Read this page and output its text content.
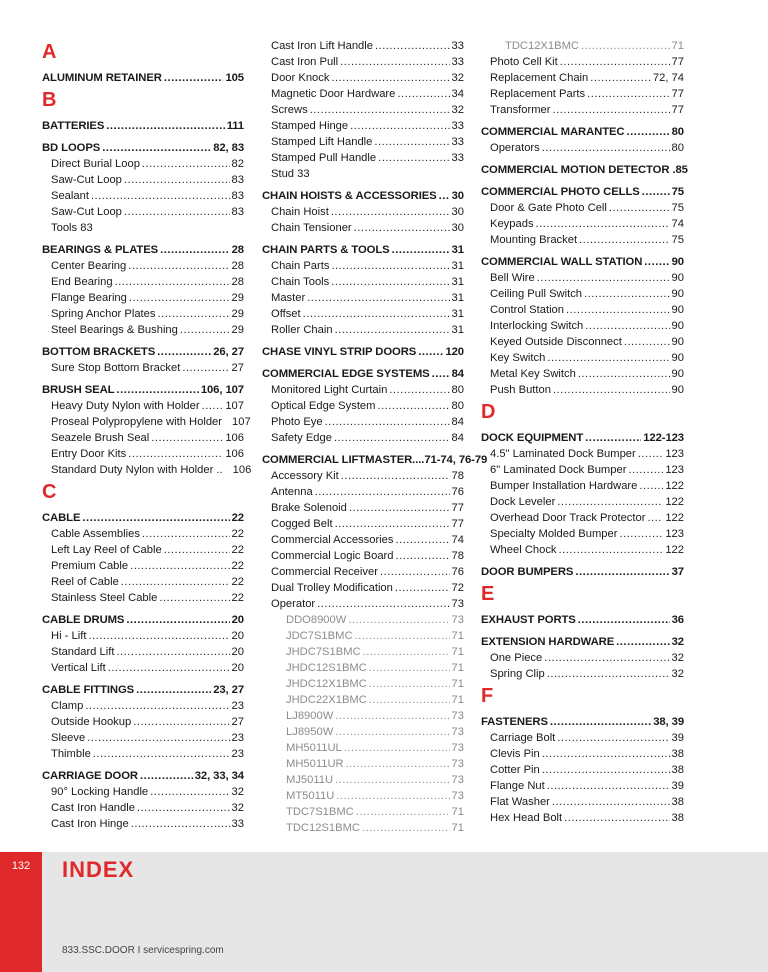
A
ALUMINUM RETAINER .....	105
B
BATTERIES .....	111
BD LOOPS .....	82, 83
Direct Burial Loop .....	82
Saw-Cut Loop .....	83
Sealant .....	83
Saw-Cut Loop .....	83
Tools 83
BEARINGS & PLATES .....	28
Center Bearing .....	28
End Bearing .....	28
Flange Bearing .....	29
Spring Anchor Plates .....	29
Steel Bearings & Bushing .....	29
BOTTOM BRACKETS .....	26, 27
Sure Stop Bottom Bracket .....	27
BRUSH SEAL .....	106, 107
Heavy Duty Nylon with Holder ..... 107
Proseal Polypropylene with Holder 107
Seazele Brush Seal .....	106
Entry Door Kits .....	106
Standard Duty Nylon with Holder .. 106
C
CABLE .....	22
Cable Assemblies .....	22
Left Lay Reel of Cable .....	22
Premium Cable .....	22
Reel of Cable .....	22
Stainless Steel Cable .....	22
CABLE DRUMS .....	20
Hi - Lift .....	20
Standard Lift .....	20
Vertical Lift .....	20
CABLE FITTINGS .....	23, 27
Clamp .....	23
Outside Hookup .....	27
Sleeve .....	23
Thimble .....	23
CARRIAGE DOOR .....	32, 33, 34
90° Locking Handle .....	32
Cast Iron Handle .....	32
Cast Iron Hinge .....	33
Cast Iron Lift Handle .....	33
Cast Iron Pull .....	33
Door Knock .....	32
Magnetic Door Hardware .....	34
Screws .....	32
Stamped Hinge .....	33
Stamped Lift Handle .....	33
Stamped Pull Handle .....	33
Stud 33
CHAIN HOISTS & ACCESSORIES ..... 30
Chain Hoist .....	30
Chain Tensioner .....	30
CHAIN PARTS & TOOLS .....	31
Chain Parts .....	31
Chain Tools .....	31
Master .....	31
Offset .....	31
Roller Chain .....	31
CHASE VINYL STRIP DOORS .....	120
COMMERCIAL EDGE SYSTEMS ..... 84
Monitored Light Curtain .....	80
Optical Edge System .....	80
Photo Eye .....	84
Safety Edge .....	84
COMMERCIAL LIFTMASTER.... 71-74, 76-79
Accessory Kit .....	78
Antenna .....	76
Brake Solenoid .....	77
Cogged Belt .....	77
Commercial Accessories .....	74
Commercial Logic Board .....	78
Commercial Receiver .....	76
Dual Trolley Modification .....	72
Operator .....	73
DDO8900W .....	73
JDC7S1BMC .....	71
JHDC7S1BMC .....	71
JHDC12S1BMC .....	71
JHDC12X1BMC .....	71
JHDC22X1BMC .....	71
LJ8900W .....	73
LJ8950W .....	73
MH5011UL .....	73
MH5011UR .....	73
MJ5011U .....	73
MT5011U .....	73
TDC7S1BMC .....	71
TDC12S1BMC .....	71
TDC12X1BMC .....	71
Photo Cell Kit .....	77
Replacement Chain .....	72, 74
Replacement Parts .....	77
Transformer .....	77
COMMERCIAL MARANTEC .....	80
Operators .....	80
COMMERCIAL MOTION DETECTOR . 85
COMMERCIAL PHOTO CELLS .....	75
Door & Gate Photo Cell .....	75
Keypads .....	74
Mounting Bracket .....	75
COMMERCIAL WALL STATION .....	90
Bell Wire .....	90
Ceiling Pull Switch .....	90
Control Station .....	90
Interlocking Switch .....	90
Keyed Outside Disconnect .....	90
Key Switch .....	90
Metal Key Switch .....	90
Push Button .....	90
D
DOCK EQUIPMENT .....	122-123
4.5" Laminated Dock Bumper .....	123
6" Laminated Dock Bumper .....	123
Bumper Installation Hardware ..... 122
Dock Leveler .....	122
Overhead Door Track Protector ..... 122
Specialty Molded Bumper .....	123
Wheel Chock .....	122
DOOR BUMPERS .....	37
E
EXHAUST PORTS .....	36
EXTENSION HARDWARE .....	32
One Piece .....	32
Spring Clip .....	32
F
FASTENERS .....	38, 39
Carriage Bolt .....	39
Clevis Pin .....	38
Cotter Pin .....	38
Flange Nut .....	39
Flat Washer .....	38
Hex Head Bolt .....	38
132	INDEX
833.SSC.DOOR I servicespring.com
